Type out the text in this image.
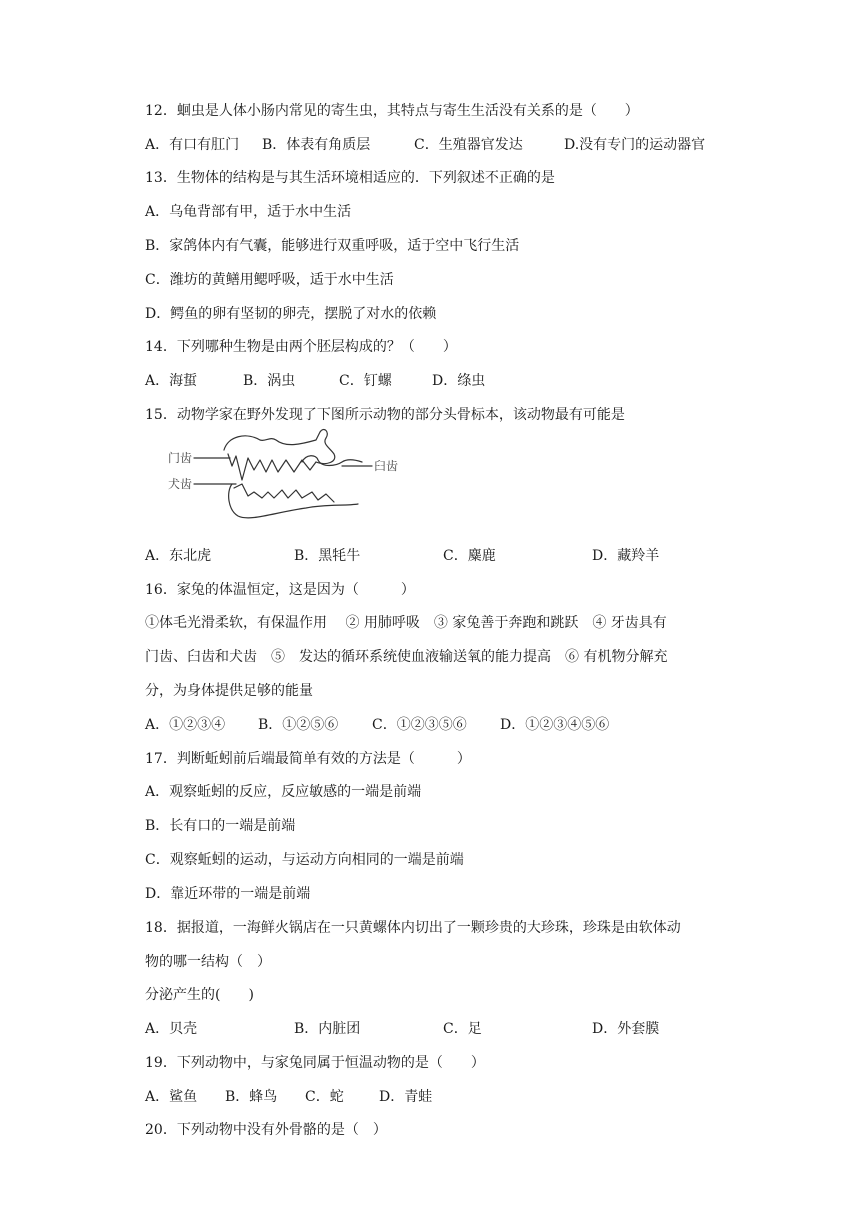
12．蛔虫是人体小肠内常见的寄生虫，其特点与寄生生活没有关系的是（　　）
A．有口有肛门 B．体表有角质层	C．生殖器官发达	D.没有专门的运动器官
13．生物体的结构是与其生活环境相适应的．下列叙述不正确的是
A．乌龟背部有甲，适于水中生活
B．家鸽体内有气囊，能够进行双重呼吸，适于空中飞行生活
C．潍坊的黄鳝用鳃呼吸，适于水中生活
D．鳄鱼的卵有坚韧的卵壳，摆脱了对水的依赖
14．下列哪种生物是由两个胚层构成的？（　　）
A．海蜇	B．涡虫	C．钉螺	D．绦虫
15．动物学家在野外发现了下图所示动物的部分头骨标本，该动物最有可能是
门齿
犬齿
臼齿
A．东北虎	B．黑牦牛	C．麋鹿	D．藏羚羊
16．家兔的体温恒定，这是因为（　　　）
①体毛光滑柔软，有保温作用　 ② 用肺呼吸　③ 家兔善于奔跑和跳跃　④ 牙齿具有
门齿、臼齿和犬齿　⑤　发达的循环系统使血液输送氧的能力提高　⑥ 有机物分解充
分，为身体提供足够的能量
A．①②③④ B．①②⑤⑥ C．①②③⑤⑥ D．①②③④⑤⑥
17．判断蚯蚓前后端最简单有效的方法是（　　　）
A．观察蚯蚓的反应，反应敏感的一端是前端
B．长有口的一端是前端
C．观察蚯蚓的运动，与运动方向相同的一端是前端
D．靠近环带的一端是前端
18．据报道，一海鲜火锅店在一只黄螺体内切出了一颗珍贵的大珍珠，珍珠是由软体动
物的哪一结构（　）
分泌产生的(　　)
A．贝壳	B．内脏团	C．足	D．外套膜
19．下列动物中，与家兔同属于恒温动物的是（　　）
A．鲨鱼 B．蜂鸟 C．蛇	D．青蛙
20．下列动物中没有外骨骼的是（　）
